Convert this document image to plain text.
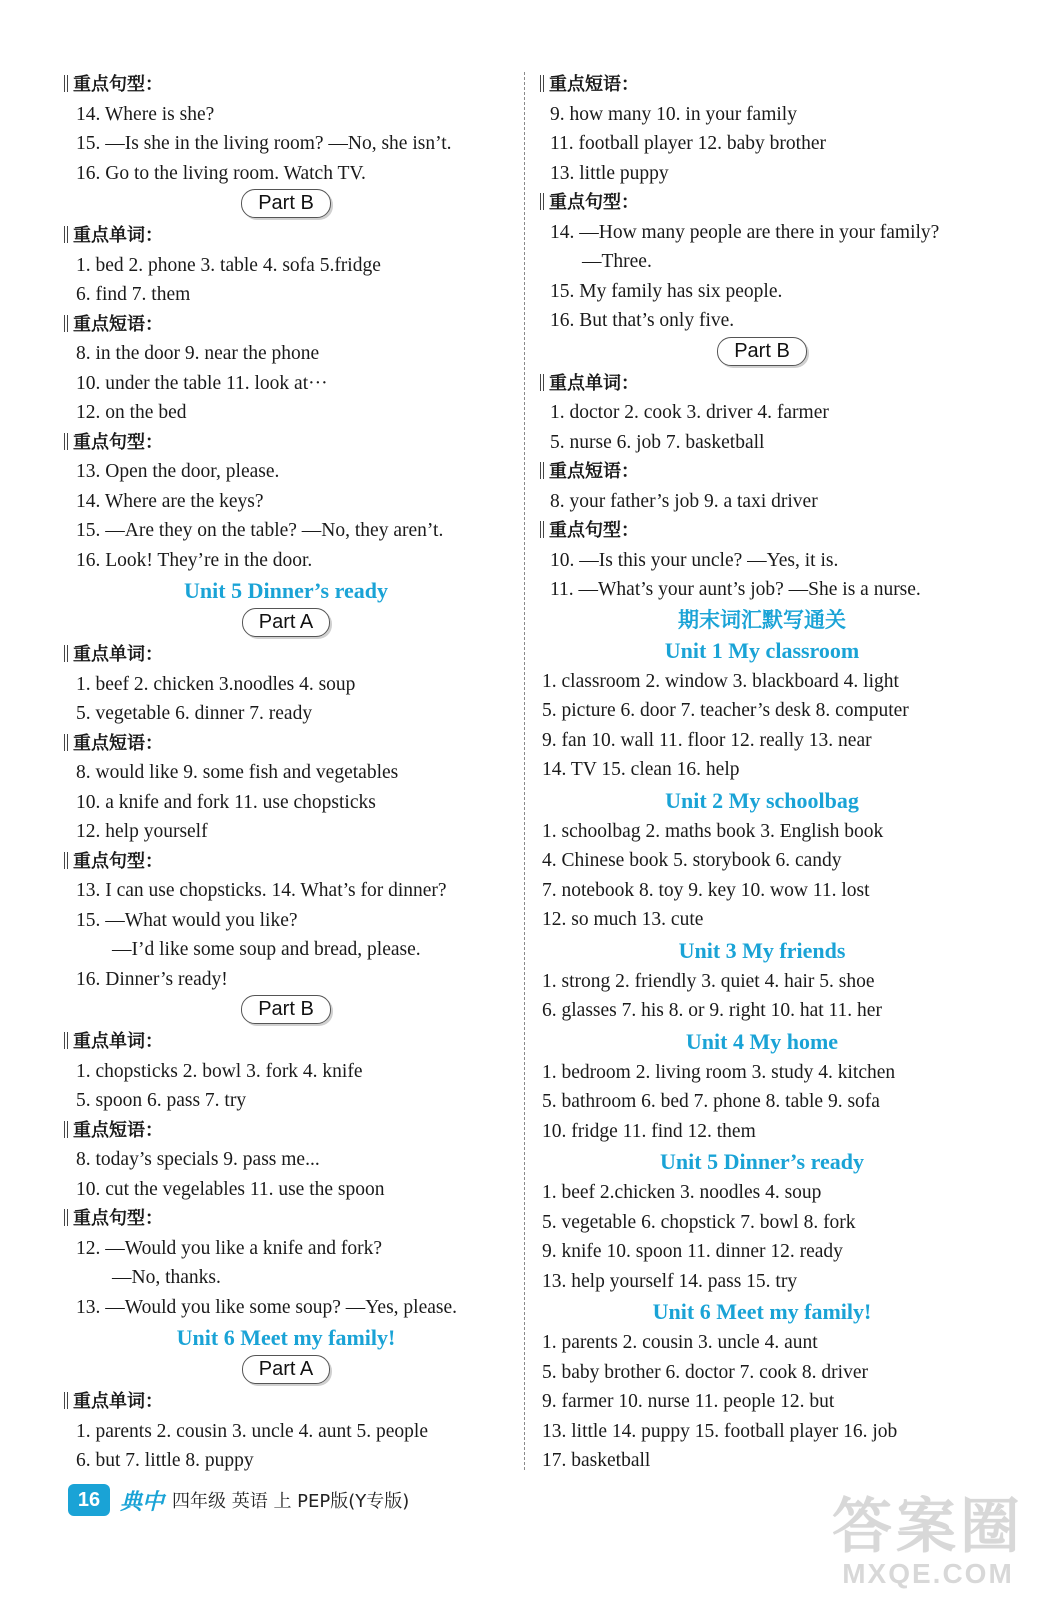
重点句型：
14. Where is she?
15. —Is she in the living room? —No, she isn’t.
16. Go to the living room. Watch TV.
Part B
重点单词：
1. bed 2. phone 3. table 4. sofa 5.fridge
6. find 7. them
重点短语：
8. in the door 9. near the phone
10. under the table 11. look at···
12. on the bed
重点句型：
13. Open the door, please.
14. Where are the keys?
15. —Are they on the table? —No, they aren’t.
16. Look! They’re in the door.
Unit 5 Dinner’s ready
Part A
重点单词：
1. beef 2. chicken 3.noodles 4. soup
5. vegetable 6. dinner 7. ready
重点短语：
8. would like 9. some fish and vegetables
10. a knife and fork 11. use chopsticks
12. help yourself
重点句型：
13. I can use chopsticks. 14. What’s for dinner?
15. —What would you like?
—I’d like some soup and bread, please.
16. Dinner’s ready!
Part B
重点单词：
1. chopsticks 2. bowl 3. fork 4. knife
5. spoon 6. pass 7. try
重点短语：
8. today’s specials 9. pass me...
10. cut the vegelables 11. use the spoon
重点句型：
12. —Would you like a knife and fork?
—No, thanks.
13. —Would you like some soup? —Yes, please.
Unit 6 Meet my family!
Part A
重点单词：
1. parents 2. cousin 3. uncle 4. aunt 5. people
6. but 7. little 8. puppy
重点短语：
9. how many 10. in your family
11. football player 12. baby brother
13. little puppy
重点句型：
14. —How many people are there in your family?
—Three.
15. My family has six people.
16. But that’s only five.
Part B
重点单词：
1. doctor 2. cook 3. driver 4. farmer
5. nurse 6. job 7. basketball
重点短语：
8. your father’s job 9. a taxi driver
重点句型：
10. —Is this your uncle? —Yes, it is.
11. —What’s your aunt’s job? —She is a nurse.
期末词汇默写通关
Unit 1 My classroom
1. classroom 2. window 3. blackboard 4. light
5. picture 6. door 7. teacher’s desk 8. computer
9. fan 10. wall 11. floor 12. really 13. near
14. TV 15. clean 16. help
Unit 2 My schoolbag
1. schoolbag 2. maths book 3. English book
4. Chinese book 5. storybook 6. candy
7. notebook 8. toy 9. key 10. wow 11. lost
12. so much 13. cute
Unit 3 My friends
1. strong 2. friendly 3. quiet 4. hair 5. shoe
6. glasses 7. his 8. or 9. right 10. hat 11. her
Unit 4 My home
1. bedroom 2. living room 3. study 4. kitchen
5. bathroom 6. bed 7. phone 8. table 9. sofa
10. fridge 11. find 12. them
Unit 5 Dinner’s ready
1. beef 2.chicken 3. noodles 4. soup
5. vegetable 6. chopstick 7. bowl 8. fork
9. knife 10. spoon 11. dinner 12. ready
13. help yourself 14. pass 15. try
Unit 6 Meet my family!
1. parents 2. cousin 3. uncle 4. aunt
5. baby brother 6. doctor 7. cook 8. driver
9. farmer 10. nurse 11. people 12. but
13. little 14. puppy 15. football player 16. job
17. basketball
16 典中 四年级 英语 上 PEP版(Y专版)	答案圈
MXQE.COM
